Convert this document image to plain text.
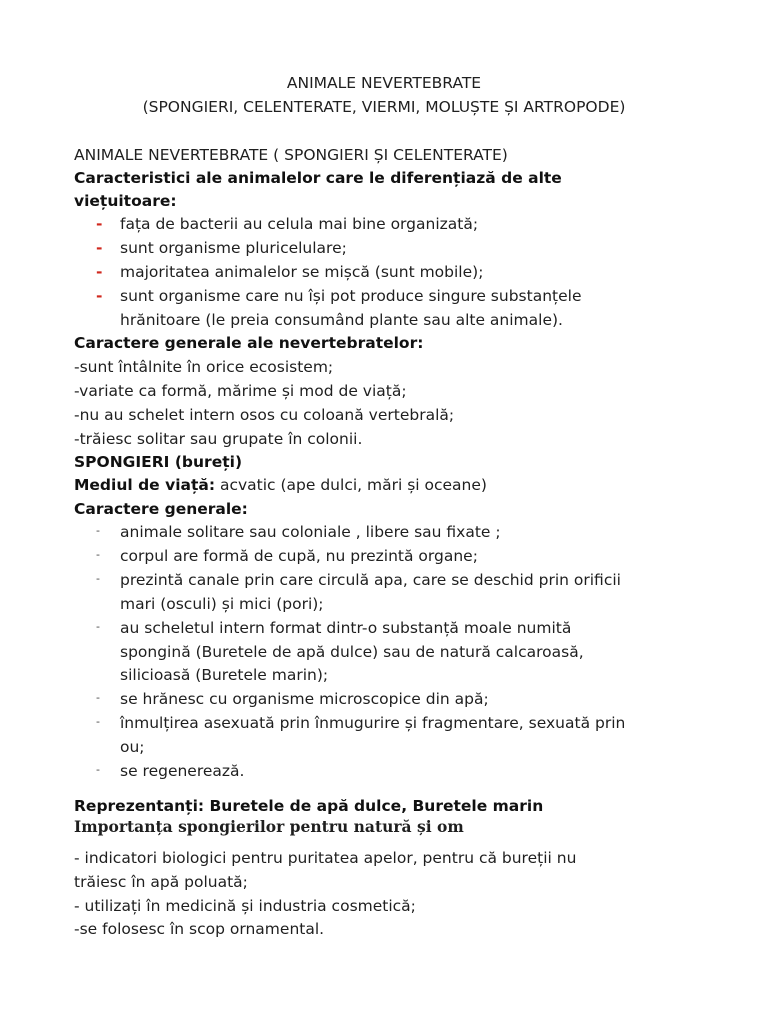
ANIMALE NEVERTEBRATE
(SPONGIERI, CELENTERATE, VIERMI, MOLUȘTE ȘI ARTROPODE)
ANIMALE NEVERTEBRATE ( SPONGIERI ȘI CELENTERATE)
Caracteristici ale animalelor care le diferențiază de alte
viețuitoare:
- fața de bacterii au celula mai bine organizată;
- sunt organisme pluricelulare;
- majoritatea animalelor se mișcă (sunt mobile);
- sunt organisme care nu își pot produce singure substanțele
hrănitoare (le preia consumând plante sau alte animale).
Caractere generale ale nevertebratelor:
-sunt întâlnite în orice ecosistem;
-variate ca formă, mărime și mod de viață;
-nu au schelet intern osos cu coloană vertebrală;
-trăiesc solitar sau grupate în colonii.
SPONGIERI (bureți)
Mediul de viață: acvatic (ape dulci, mări și oceane)
Caractere generale:
- animale solitare sau coloniale , libere sau fixate ;
- corpul are formă de cupă, nu prezintă organe;
- prezintă canale prin care circulă apa, care se deschid prin orificii
mari (osculi) și mici (pori);
- au scheletul intern format dintr-o substanță moale numită
spongină (Buretele de apă dulce) sau de natură calcaroasă,
silicioasă (Buretele marin);
- se hrănesc cu organisme microscopice din apă;
- înmulțirea asexuată prin înmugurire și fragmentare, sexuată prin
ou;
- se regenerează.
Reprezentanți: Buretele de apă dulce, Buretele marin
Importanța spongierilor pentru natură și om
- indicatori biologici pentru puritatea apelor, pentru că bureții nu
trăiesc în apă poluată;
- utilizați în medicină și industria cosmetică;
-se folosesc în scop ornamental.
